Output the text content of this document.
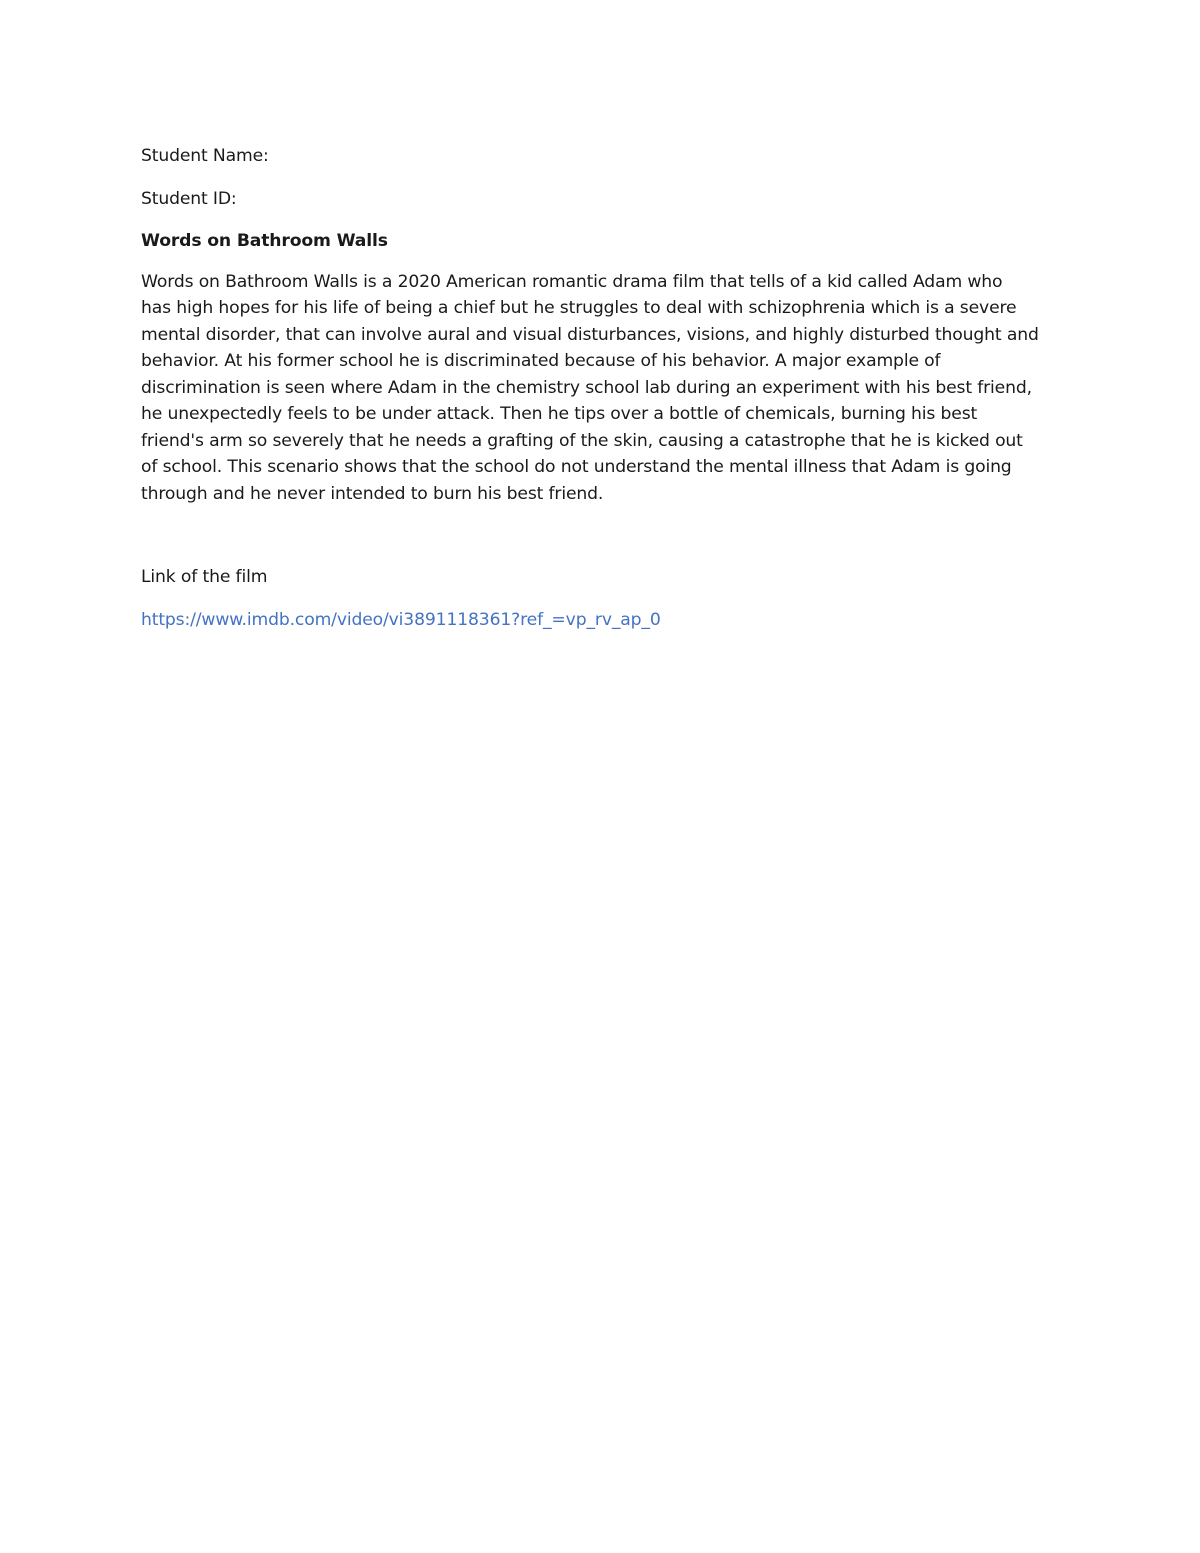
Student Name:

Student ID:

Words on Bathroom Walls

Words on Bathroom Walls is a 2020 American romantic drama film that tells of a kid called Adam who

has high hopes for his life of being a chief but he struggles to deal with schizophrenia which is a severe

mental disorder, that can involve aural and visual disturbances, visions, and highly disturbed thought and

behavior. At his former school he is discriminated because of his behavior. A major example of

discrimination is seen where Adam in the chemistry school lab during an experiment with his best friend,

he unexpectedly feels to be under attack. Then he tips over a bottle of chemicals, burning his best

friend's arm so severely that he needs a grafting of the skin, causing a catastrophe that he is kicked out

of school. This scenario shows that the school do not understand the mental illness that Adam is going

through and he never intended to burn his best friend.

Link of the film

https://www.imdb.com/video/vi3891118361?ref_=vp_rv_ap_0
